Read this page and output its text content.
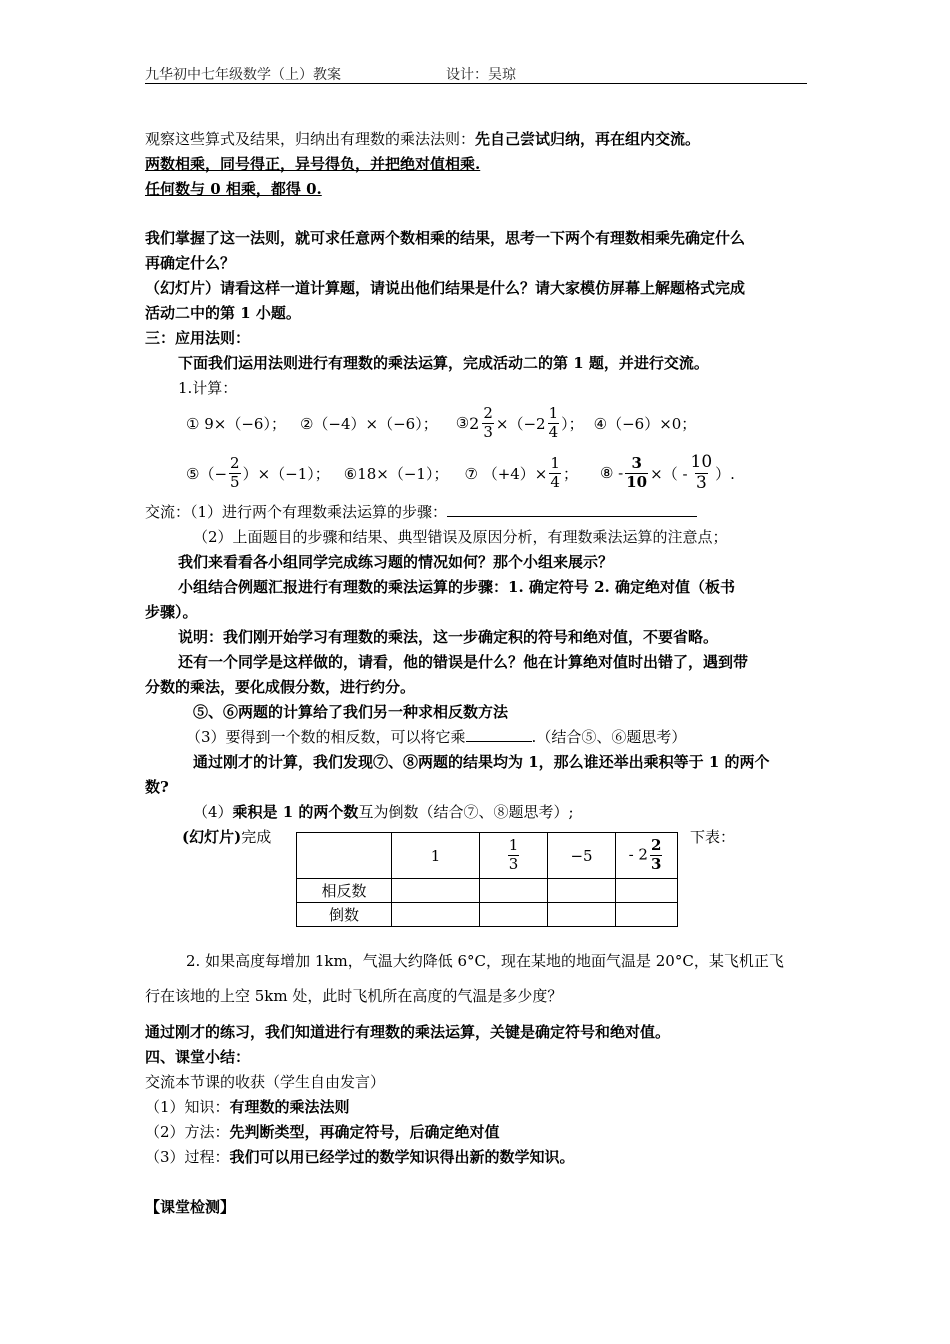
九华初中七年级数学（上）教案	设计：吴琼
观察这些算式及结果，归纳出有理数的乘法法则：先自己尝试归纳，再在组内交流。
两数相乘，同号得正，异号得负，并把绝对值相乘.
任何数与 0 相乘，都得 0.
我们掌握了这一法则，就可求任意两个数相乘的结果，思考一下两个有理数相乘先确定什么
再确定什么？
（幻灯片）请看这样一道计算题，请说出他们结果是什么？请大家模仿屏幕上解题格式完成
活动二中的第 1 小题。
三：应用法则：
下面我们运用法则进行有理数的乘法运算，完成活动二的第 1 题，并进行交流。
1.计算：
① 9×（−6）； ②（−4）×（−6）； ③ $2 \frac{2}{3} \times(-2 \frac{1}{4}$ ）； ④（−6）×0；
⑤（− $\frac{2}{5} )\times(-1)$； ⑥18×（−1）； ⑦ $(+4)\times \frac{1}{4}$ ； ⑧ - $\frac{3}{10}$ ×（ - $\frac{10}{3}$ ）.
交流：（1）进行两个有理数乘法运算的步骤：
（2）上面题目的步骤和结果、典型错误及原因分析，有理数乘法运算的注意点；
我们来看看各小组同学完成练习题的情况如何？那个小组来展示？
小组结合例题汇报进行有理数的乘法运算的步骤：1. 确定符号 2. 确定绝对值（板书
步骤）。
说明：我们刚开始学习有理数的乘法，这一步确定积的符号和绝对值，不要省略。
还有一个同学是这样做的，请看，他的错误是什么？他在计算绝对值时出错了，遇到带
分数的乘法，要化成假分数，进行约分。
⑤、⑥两题的计算给了我们另一种求相反数方法
（3）要得到一个数的相反数，可以将它乘	.（结合⑤、⑥题思考）
通过刚才的计算，我们发现⑦、⑧两题的结果均为 1，那么谁还举出乘积等于 1 的两个
数?
（4）乘积是 1 的两个数互为倒数（结合⑦、⑧题思考）;
(幻灯片)完成	下表：
	1	$\frac{1}{3}$	−5	- $2 \frac{2}{3}$

相反数				
倒数				
2. 如果高度每增加 1km，气温大约降低 6°C，现在某地的地面气温是 20°C，某飞机正飞
行在该地的上空 5km 处，此时飞机所在高度的气温是多少度？
通过刚才的练习，我们知道进行有理数的乘法运算，关键是确定符号和绝对值。
四、课堂小结：
交流本节课的收获（学生自由发言）
（1）知识：有理数的乘法法则
（2）方法：先判断类型，再确定符号，后确定绝对值
（3）过程：我们可以用已经学过的数学知识得出新的数学知识。
【课堂检测】
